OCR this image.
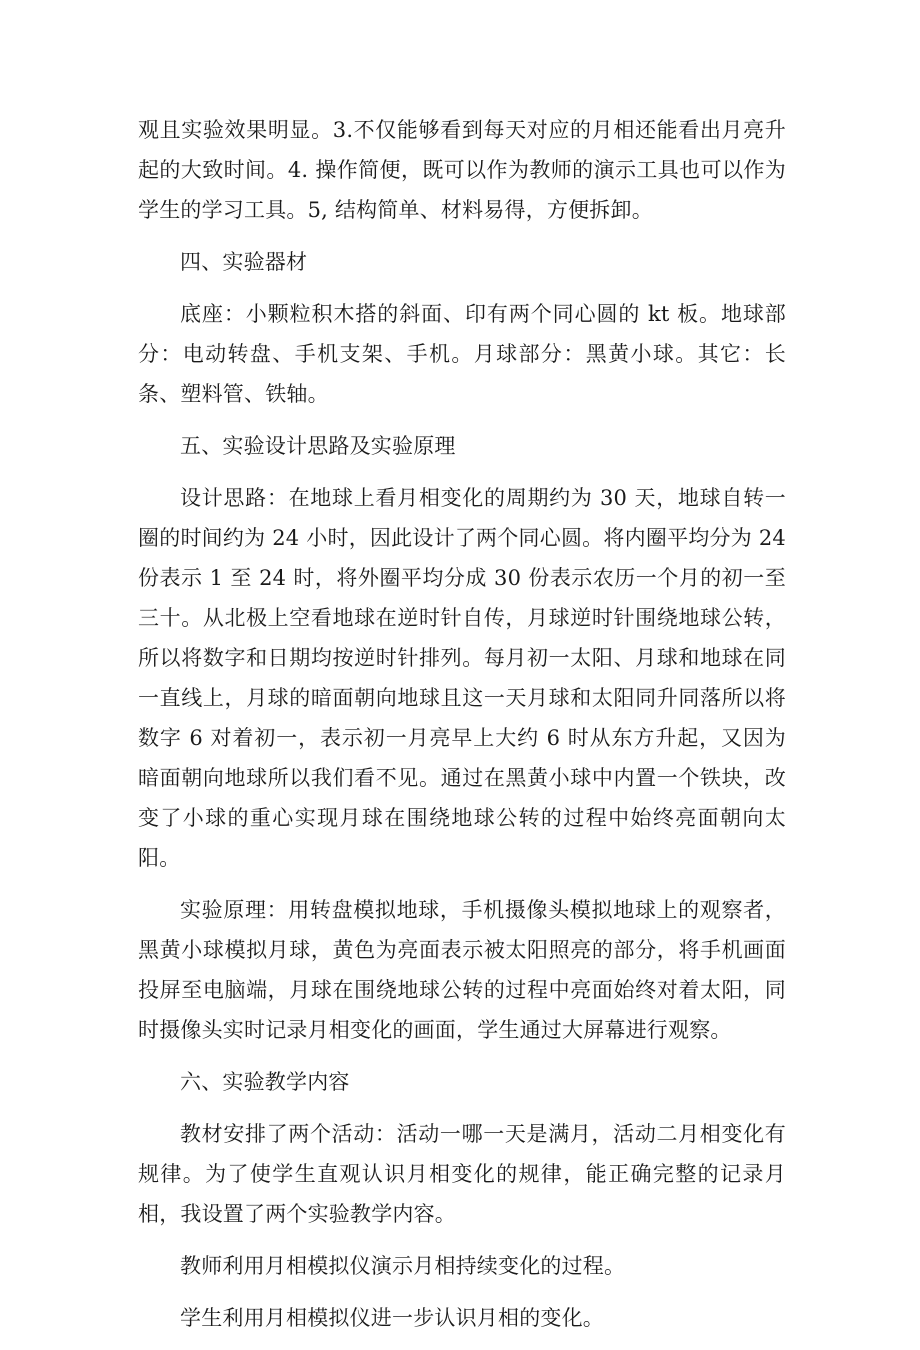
观且实验效果明显。3.不仅能够看到每天对应的月相还能看出月亮升起的大致时间。4. 操作简便，既可以作为教师的演示工具也可以作为学生的学习工具。5, 结构简单、材料易得，方便拆卸。

四、实验器材

底座：小颗粒积木搭的斜面、印有两个同心圆的 kt 板。地球部分：电动转盘、手机支架、手机。月球部分：黑黄小球。其它：长条、塑料管、铁轴。

五、实验设计思路及实验原理

设计思路：在地球上看月相变化的周期约为 30 天，地球自转一圈的时间约为 24 小时，因此设计了两个同心圆。将内圈平均分为 24 份表示 1 至 24 时，将外圈平均分成 30 份表示农历一个月的初一至三十。从北极上空看地球在逆时针自传，月球逆时针围绕地球公转，所以将数字和日期均按逆时针排列。每月初一太阳、月球和地球在同一直线上，月球的暗面朝向地球且这一天月球和太阳同升同落所以将数字 6 对着初一，表示初一月亮早上大约 6 时从东方升起，又因为暗面朝向地球所以我们看不见。通过在黑黄小球中内置一个铁块，改变了小球的重心实现月球在围绕地球公转的过程中始终亮面朝向太阳。

实验原理：用转盘模拟地球，手机摄像头模拟地球上的观察者，黑黄小球模拟月球，黄色为亮面表示被太阳照亮的部分，将手机画面投屏至电脑端，月球在围绕地球公转的过程中亮面始终对着太阳，同时摄像头实时记录月相变化的画面，学生通过大屏幕进行观察。

六、实验教学内容

教材安排了两个活动：活动一哪一天是满月，活动二月相变化有规律。为了使学生直观认识月相变化的规律，能正确完整的记录月相，我设置了两个实验教学内容。

教师利用月相模拟仪演示月相持续变化的过程。

学生利用月相模拟仪进一步认识月相的变化。
